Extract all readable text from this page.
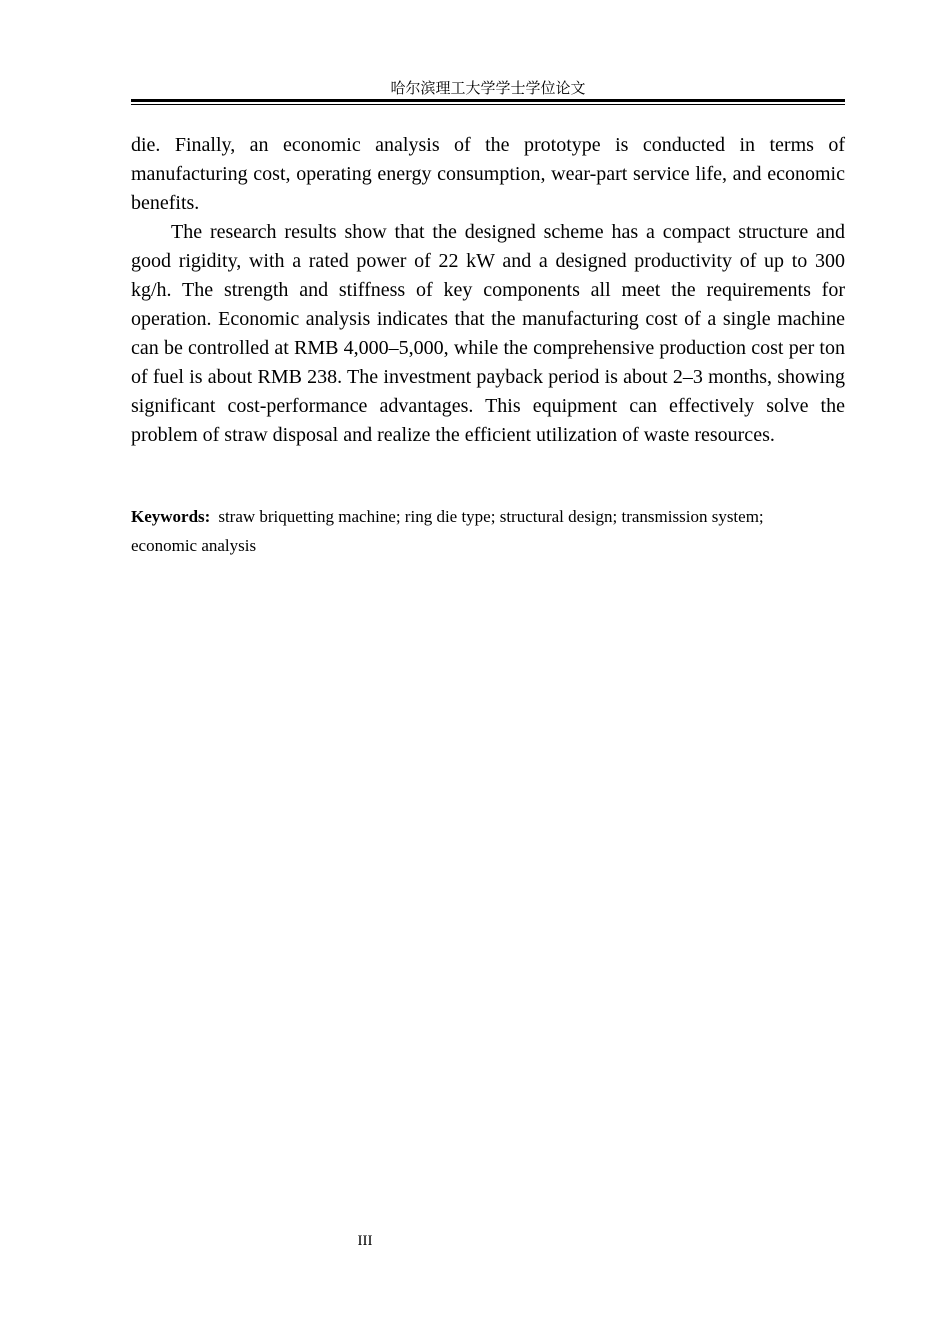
哈尔滨理工大学学士学位论文

die. Finally, an economic analysis of the prototype is conducted in terms of manufacturing cost, operating energy consumption, wear-part service life, and economic benefits.

The research results show that the designed scheme has a compact structure and good rigidity, with a rated power of 22 kW and a designed productivity of up to 300 kg/h. The strength and stiffness of key components all meet the requirements for operation. Economic analysis indicates that the manufacturing cost of a single machine can be controlled at RMB 4,000–5,000, while the comprehensive production cost per ton of fuel is about RMB 238. The investment payback period is about 2–3 months, showing significant cost-performance advantages. This equipment can effectively solve the problem of straw disposal and realize the efficient utilization of waste resources.

Keywords: straw briquetting machine; ring die type; structural design; transmission system; economic analysis
III
